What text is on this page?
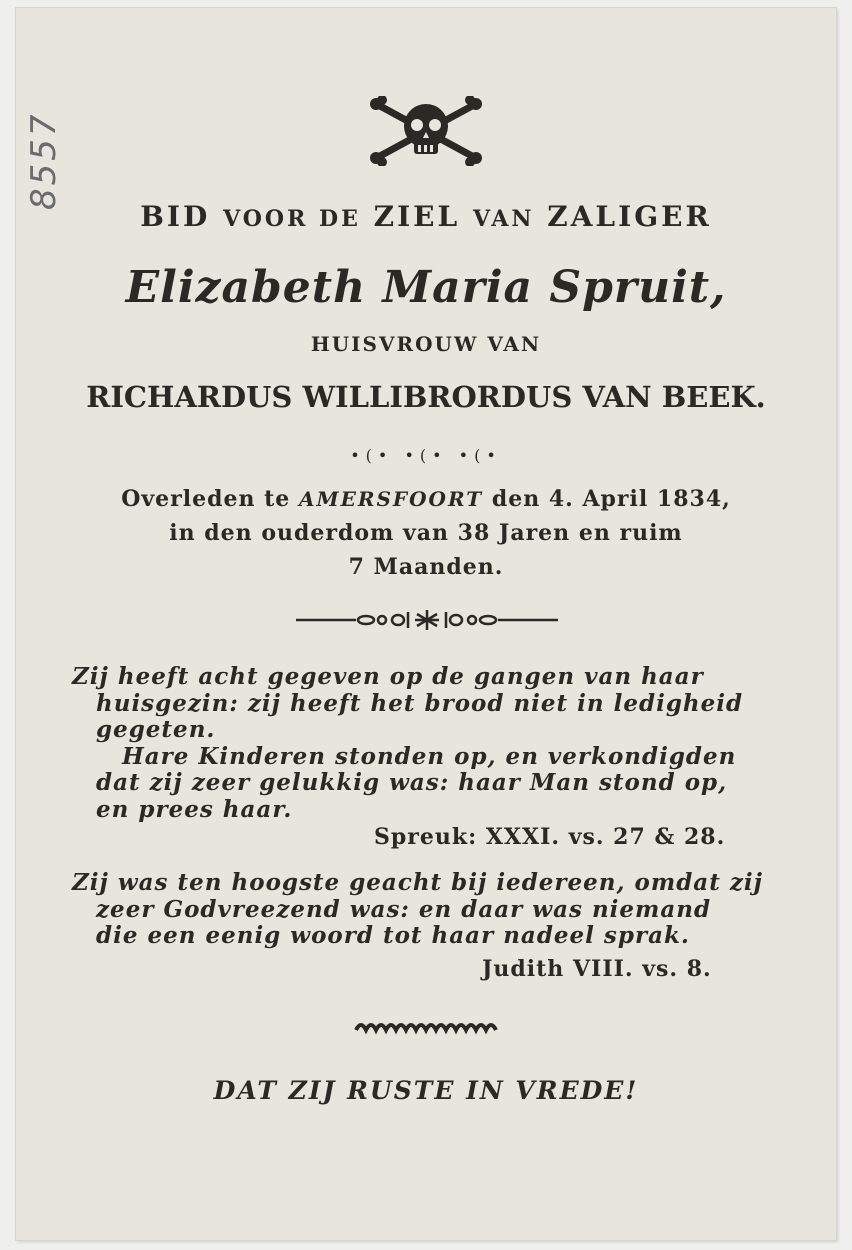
8557
BID VOOR DE ZIEL VAN ZALIGER
Elizabeth Maria Spruit,
HUISVROUW VAN
RICHARDUS WILLIBRORDUS VAN BEEK.
•(• •(• •(•
Overleden te AMERSFOORT den 4. April 1834,
in den ouderdom van 38 Jaren en ruim
7 Maanden.
Zij heeft acht gegeven op de gangen van haar
huisgezin: zij heeft het brood niet in ledigheid
gegeten.
Hare Kinderen stonden op, en verkondigden
dat zij zeer gelukkig was: haar Man stond op,
en prees haar.
Spreuk: XXXI. vs. 27 & 28.
Zij was ten hoogste geacht bij iedereen, omdat zij
zeer Godvreezend was: en daar was niemand
die een eenig woord tot haar nadeel sprak.
Judith VIII. vs. 8.
DAT ZIJ RUSTE IN VREDE!
